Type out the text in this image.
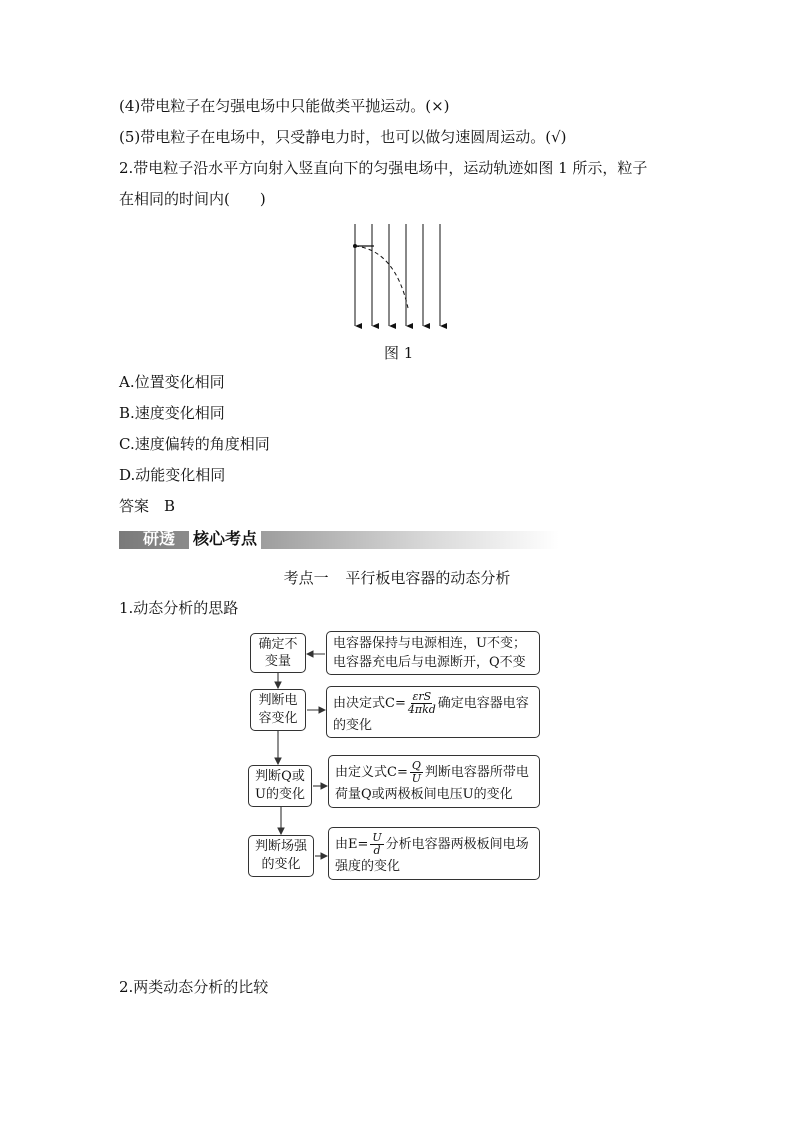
(4)带电粒子在匀强电场中只能做类平抛运动。(×)
(5)带电粒子在电场中，只受静电力时，也可以做匀速圆周运动。(√)
2.带电粒子沿水平方向射入竖直向下的匀强电场中，运动轨迹如图 1 所示，粒子
在相同的时间内(　　)
图 1
A.位置变化相同
B.速度变化相同
C.速度偏转的角度相同
D.动能变化相同
答案　B
研透 核心考点
考点一 平行板电容器的动态分析
1.动态分析的思路
确定不变量
判断电容变化
判断Q或U的变化
判断场强的变化
电容器保持与电源相连，U不变；
电容器充电后与电源断开，Q不变
由决定式C= εrS
4πkd 确定电容器电容
的变化
由定义式$C= \frac{Q}{U}$ 判断电容器所带电
荷量Q或两极板间电压U的变化
由$E= \frac{U}{d}$ 分析电容器两极板间电场
强度的变化
2.两类动态分析的比较
